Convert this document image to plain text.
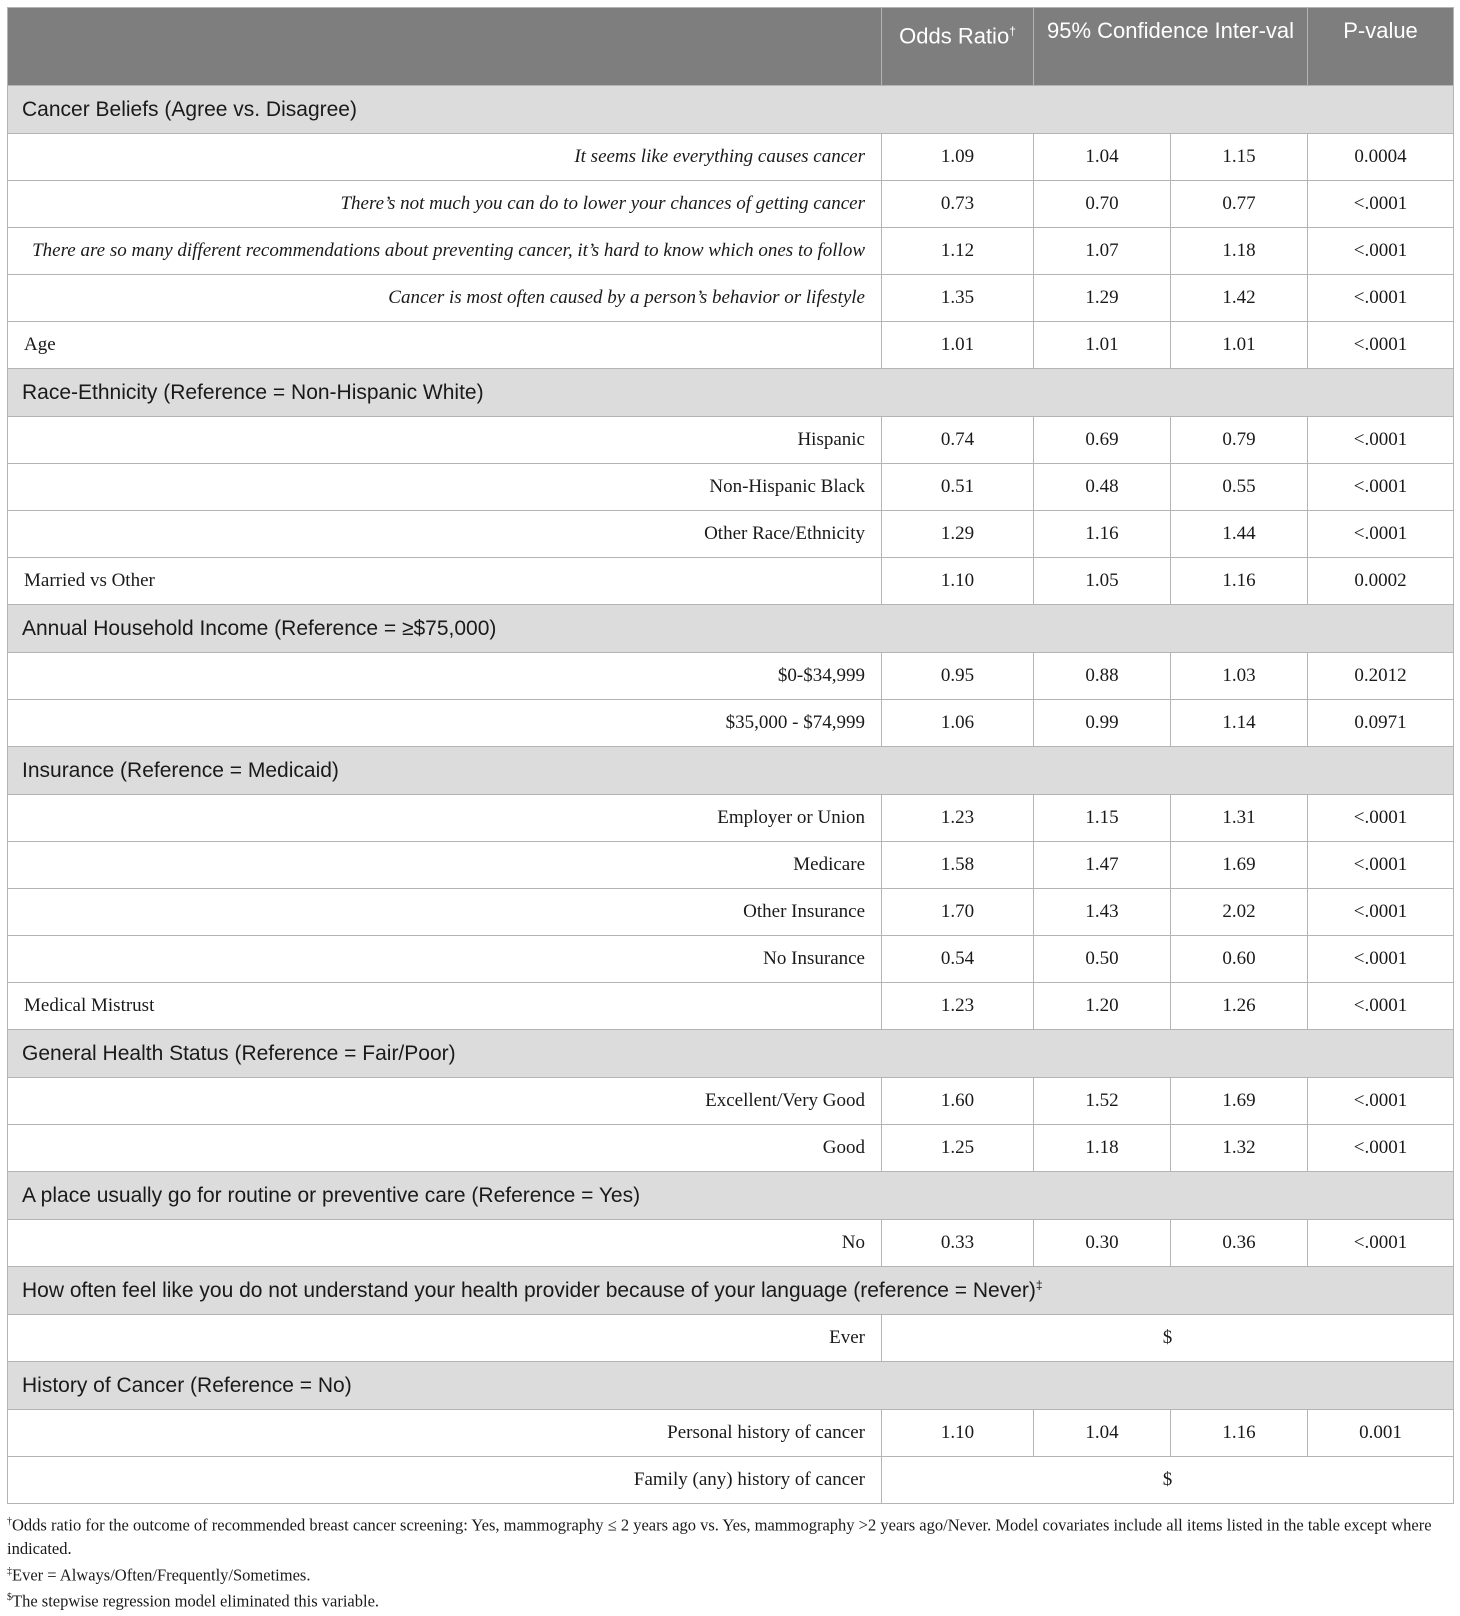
	Odds Ratio†	95% Confidence Inter-val		P-value
Cancer Beliefs (Agree vs. Disagree)				
It seems like everything causes cancer	1.09	1.04	1.15	0.0004
There’s not much you can do to lower your chances of getting cancer	0.73	0.70	0.77	<.0001
There are so many different recommendations about preventing cancer, it’s hard to know which ones to follow	1.12	1.07	1.18	<.0001
Cancer is most often caused by a person’s behavior or lifestyle	1.35	1.29	1.42	<.0001
Age	1.01	1.01	1.01	<.0001
Race-Ethnicity (Reference = Non-Hispanic White)				
Hispanic	0.74	0.69	0.79	<.0001
Non-Hispanic Black	0.51	0.48	0.55	<.0001
Other Race/Ethnicity	1.29	1.16	1.44	<.0001
Married vs Other	1.10	1.05	1.16	0.0002
Annual Household Income (Reference = ≥$75,000)				
$0-$34,999	0.95	0.88	1.03	0.2012
$35,000 - $74,999	1.06	0.99	1.14	0.0971
Insurance (Reference = Medicaid)				
Employer or Union	1.23	1.15	1.31	<.0001
Medicare	1.58	1.47	1.69	<.0001
Other Insurance	1.70	1.43	2.02	<.0001
No Insurance	0.54	0.50	0.60	<.0001
Medical Mistrust	1.23	1.20	1.26	<.0001
General Health Status (Reference = Fair/Poor)				
Excellent/Very Good	1.60	1.52	1.69	<.0001
Good	1.25	1.18	1.32	<.0001
A place usually go for routine or preventive care (Reference = Yes)				
No	0.33	0.30	0.36	<.0001
How often feel like you do not understand your health provider because of your language (reference = Never)‡
Ever	$			
History of Cancer (Reference = No)				
Personal history of cancer	1.10	1.04	1.16	0.001
Family (any) history of cancer	$			

†Odds ratio for the outcome of recommended breast cancer screening: Yes, mammography ≤ 2 years ago vs. Yes, mammography >2 years ago/Never. Model covariates include all items listed in the table except where indicated.

‡Ever = Always/Often/Frequently/Sometimes.

$The stepwise regression model eliminated this variable.
